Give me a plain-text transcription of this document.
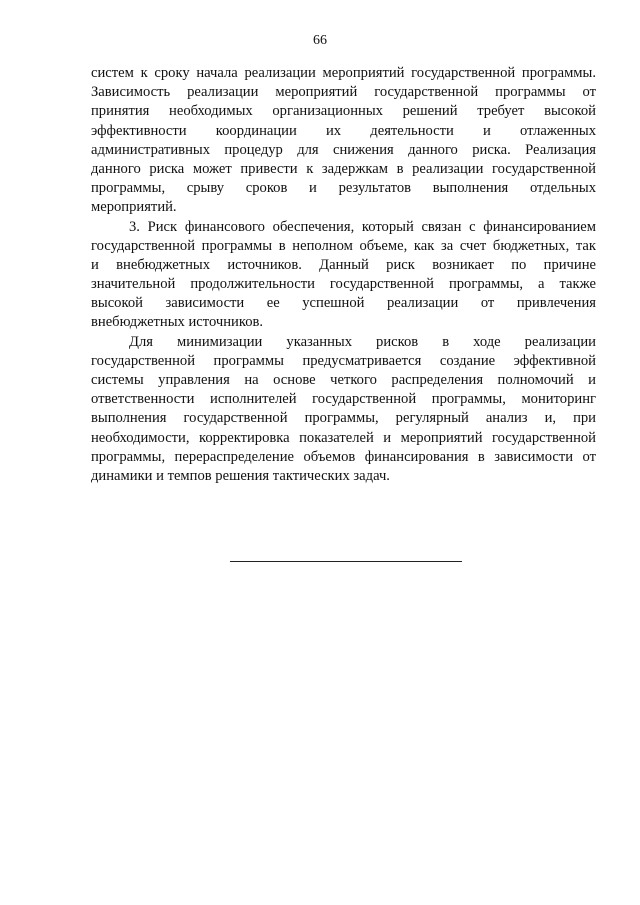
66
систем к сроку начала реализации мероприятий государственной программы.
Зависимость реализации мероприятий государственной программы от
принятия необходимых организационных решений требует высокой
эффективности координации их деятельности и отлаженных
административных процедур для снижения данного риска. Реализация
данного риска может привести к задержкам в реализации государственной
программы, срыву сроков и результатов выполнения отдельных
мероприятий.
3. Риск финансового обеспечения, который связан с финансированием
государственной программы в неполном объеме, как за счет бюджетных, так
и внебюджетных источников. Данный риск возникает по причине
значительной продолжительности государственной программы, а также
высокой зависимости ее успешной реализации от привлечения
внебюджетных источников.
Для минимизации указанных рисков в ходе реализации
государственной программы предусматривается создание эффективной
системы управления на основе четкого распределения полномочий и
ответственности исполнителей государственной программы, мониторинг
выполнения государственной программы, регулярный анализ и, при
необходимости, корректировка показателей и мероприятий государственной
программы, перераспределение объемов финансирования в зависимости от
динамики и темпов решения тактических задач.
